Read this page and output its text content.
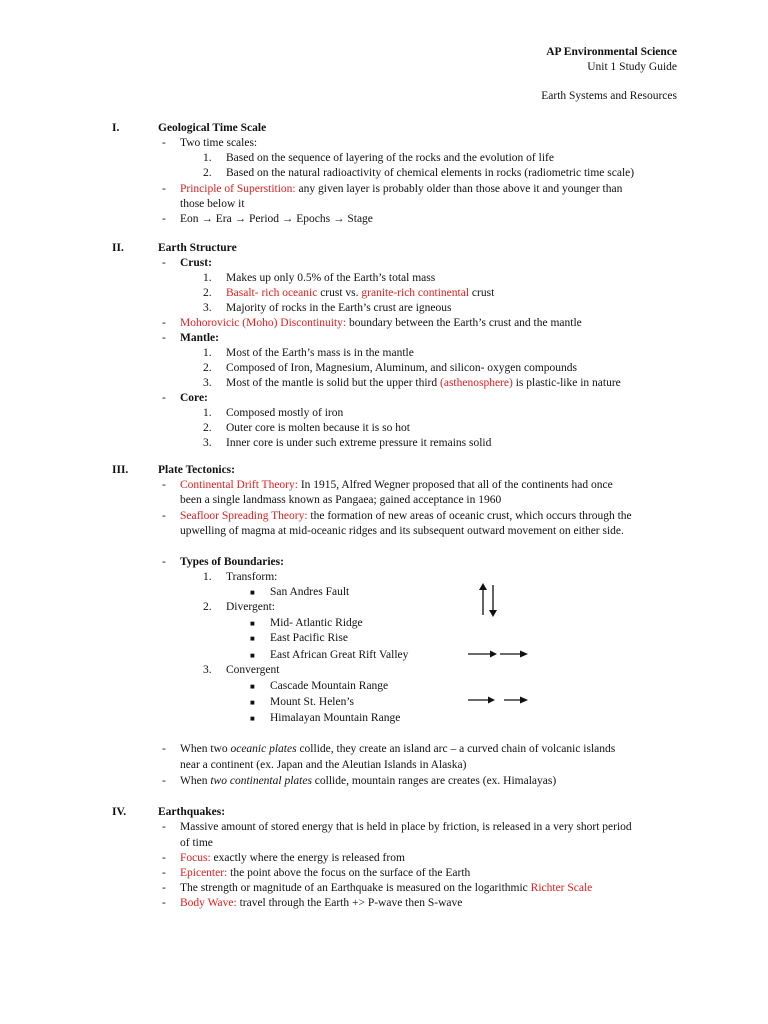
AP Environmental Science
Unit 1 Study Guide
Earth Systems and Resources
I.	Geological Time Scale
- Two time scales:
1. Based on the sequence of layering of the rocks and the evolution of life
2. Based on the natural radioactivity of chemical elements in rocks (radiometric time scale)
- Principle of Superstition: any given layer is probably older than those above it and younger than
those below it
- Eon → Era → Period → Epochs → Stage
II.	Earth Structure
- Crust:
1. Makes up only 0.5% of the Earth’s total mass
2. Basalt- rich oceanic crust vs. granite-rich continental crust
3. Majority of rocks in the Earth’s crust are igneous
- Mohorovicic (Moho) Discontinuity: boundary between the Earth’s crust and the mantle
- Mantle:
1. Most of the Earth’s mass is in the mantle
2. Composed of Iron, Magnesium, Aluminum, and silicon- oxygen compounds
3. Most of the mantle is solid but the upper third (asthenosphere) is plastic-like in nature
- Core:
1. Composed mostly of iron
2. Outer core is molten because it is so hot
3. Inner core is under such extreme pressure it remains solid
III.	Plate Tectonics:
- Continental Drift Theory: In 1915, Alfred Wegner proposed that all of the continents had once
been a single landmass known as Pangaea; gained acceptance in 1960
- Seafloor Spreading Theory: the formation of new areas of oceanic crust, which occurs through the
upwelling of magma at mid-oceanic ridges and its subsequent outward movement on either side.
- Types of Boundaries:
1. Transform:
■ San Andres Fault
2. Divergent:
■ Mid- Atlantic Ridge
■ East Pacific Rise
■ East African Great Rift Valley
3. Convergent
■ Cascade Mountain Range
■ Mount St. Helen’s
■ Himalayan Mountain Range
- When two oceanic plates collide, they create an island arc – a curved chain of volcanic islands
near a continent (ex. Japan and the Aleutian Islands in Alaska)
- When two continental plates collide, mountain ranges are creates (ex. Himalayas)
IV.	Earthquakes:
- Massive amount of stored energy that is held in place by friction, is released in a very short period
of time
- Focus: exactly where the energy is released from
- Epicenter: the point above the focus on the surface of the Earth
- The strength or magnitude of an Earthquake is measured on the logarithmic Richter Scale
- Body Wave: travel through the Earth +> P-wave then S-wave
